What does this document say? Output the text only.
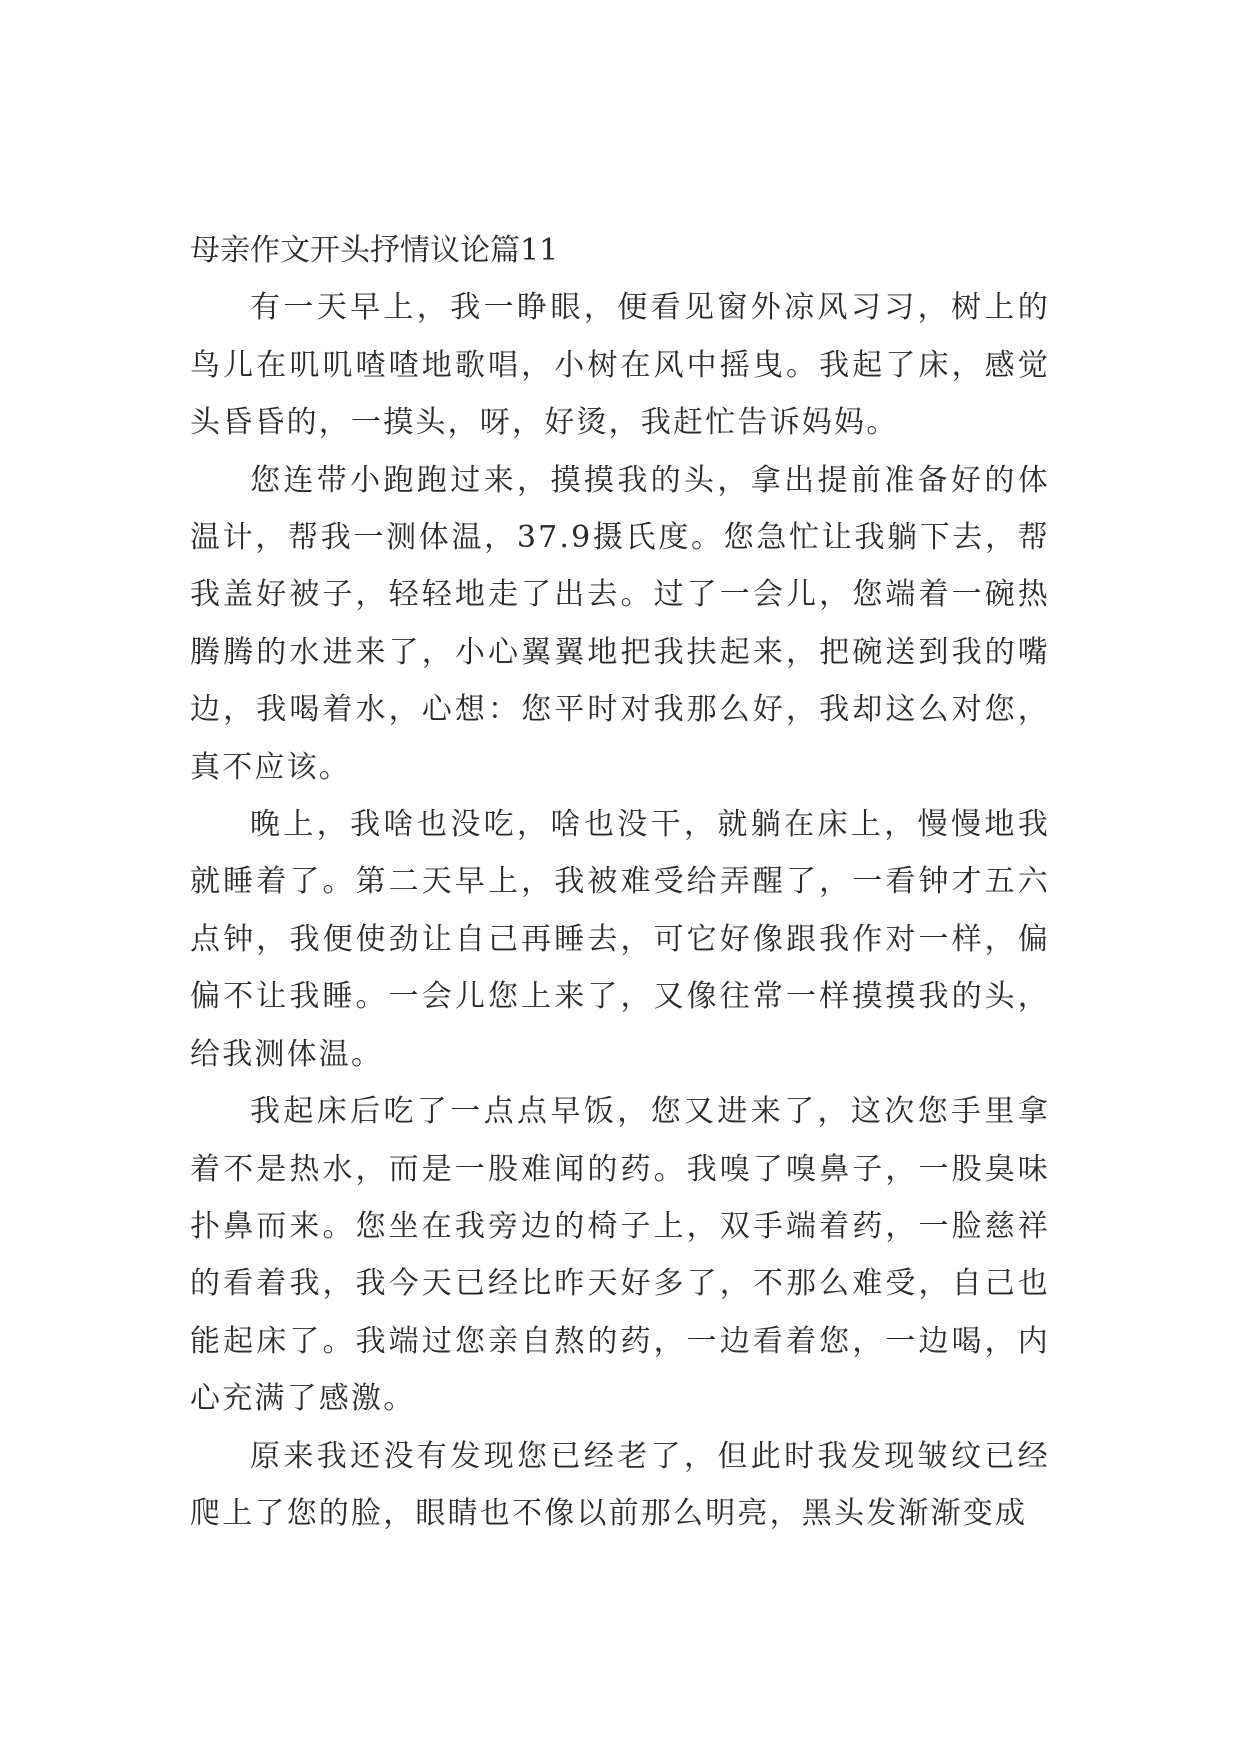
母亲作文开头抒情议论篇11

有一天早上，我一睁眼，便看见窗外凉风习习，树上的鸟儿在叽叽喳喳地歌唱，小树在风中摇曳。我起了床，感觉头昏昏的，一摸头，呀，好烫，我赶忙告诉妈妈。

您连带小跑跑过来，摸摸我的头，拿出提前准备好的体温计，帮我一测体温，37.9摄氏度。您急忙让我躺下去，帮我盖好被子，轻轻地走了出去。过了一会儿，您端着一碗热腾腾的水进来了，小心翼翼地把我扶起来，把碗送到我的嘴边，我喝着水，心想：您平时对我那么好，我却这么对您，真不应该。

晚上，我啥也没吃，啥也没干，就躺在床上，慢慢地我就睡着了。第二天早上，我被难受给弄醒了，一看钟才五六点钟，我便使劲让自己再睡去，可它好像跟我作对一样，偏偏不让我睡。一会儿您上来了，又像往常一样摸摸我的头，给我测体温。

我起床后吃了一点点早饭，您又进来了，这次您手里拿着不是热水，而是一股难闻的药。我嗅了嗅鼻子，一股臭味扑鼻而来。您坐在我旁边的椅子上，双手端着药，一脸慈祥的看着我，我今天已经比昨天好多了，不那么难受，自己也能起床了。我端过您亲自熬的药，一边看着您，一边喝，内心充满了感激。

原来我还没有发现您已经老了，但此时我发现皱纹已经爬上了您的脸，眼睛也不像以前那么明亮，黑头发渐渐变成
